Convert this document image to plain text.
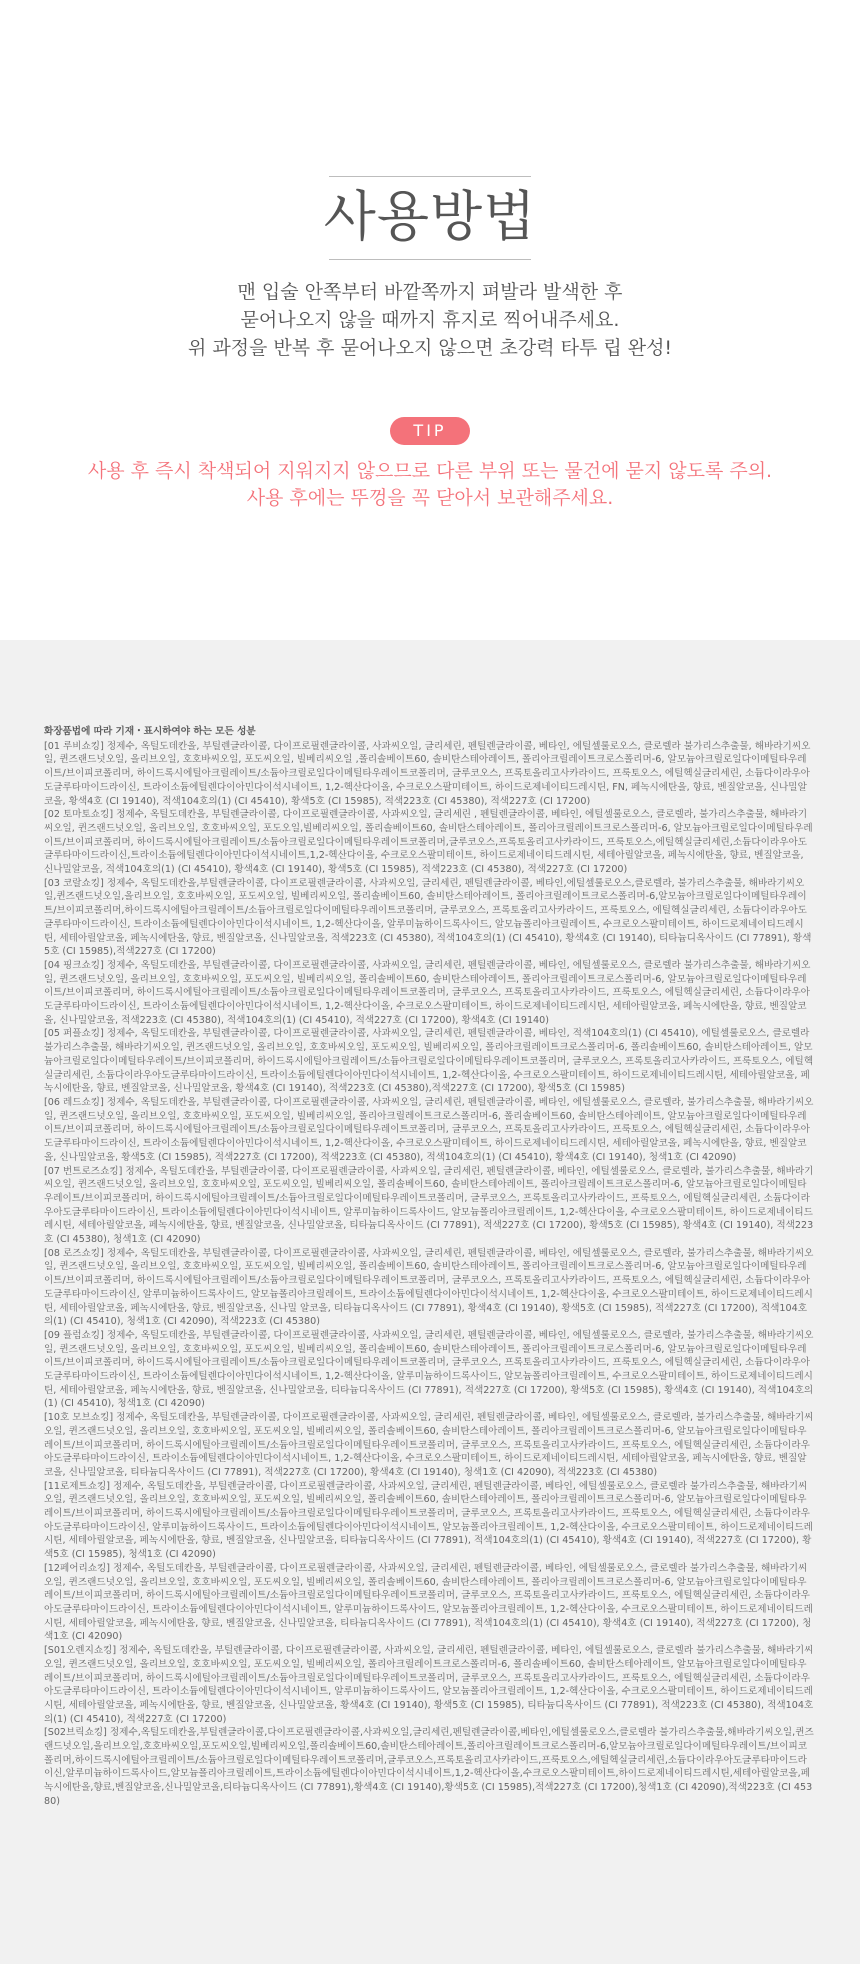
사용방법
맨 입술 안쪽부터 바깥쪽까지 펴발라 발색한 후
묻어나오지 않을 때까지 휴지로 찍어내주세요.
위 과정을 반복 후 묻어나오지 않으면 초강력 타투 립 완성!
TIP
사용 후 즉시 착색되어 지워지지 않으므로 다른 부위 또는 물건에 묻지 않도록 주의.
사용 후에는 뚜껑을 꼭 닫아서 보관해주세요.
화장품법에 따라 기재・표시하여야 하는 모든 성분

[01 루비쇼킹] 정제수, 옥틸도데칸올, 부틸렌글라이콜, 다이프로필렌글라이콜, 사과씨오일, 글리세린, 펜틸렌글라이콜, 베타인, 에틸셀룰로오스, 클로렐라 불가리스추출물, 해바라기씨오일, 퀸즈랜드넛오일, 올리브오일, 호호바씨오일, 포도씨오일, 빌베리씨오일 ,폴리솔베이트60, 솔비탄스테아레이트, 폴리아크릴레이트크로스폴리머-6, 알모늄아크릴로일다이메틸타우레이트/브이피코폴리머, 하이드록시에틸아크릴레이트/소듐아크릴로일다이메틸타우레이트코폴리머, 글루코오스, 프록토올리고사카라이드, 프룩토오스, 에틸헥실글리세린, 소듐다이라우아도글루타마이드라이신, 트라이소듐에틸렌다이아민다이석시네이트, 1,2-헥산다이올, 수크로오스팔미테이트, 하이드로제네이티드레시틴, FN, 페녹시에탄올, 향료, 벤질알코올, 신나밀알코올, 황색4호 (CI 19140), 적색104호의(1) (CI 45410), 황색5호 (CI 15985), 적색223호 (CI 45380), 적색227호 (CI 17200)

[02 토마토쇼킹] 정제수, 옥틸도데칸올, 부틸렌글라이콜, 다이프로필렌글라이콜, 사과씨오일, 글리세린 , 펜틸렌글라이콜, 베타인, 에틸셀룰로오스, 클로렐라, 불가리스추출물, 해바라기씨오일, 퀸즈랜드넛오일, 올리브오일, 호호바씨오일, 포도오일,빌베리씨오일, 폴리솔베이트60, 솔비탄스테아레이트, 폴리아크릴레이트크로스폴리머-6, 알모늄아크릴로일다이메틸타우레이트/브이피코폴리머, 하이드록시에틸아크릴레이트/소듐아크릴로일다이메틸타우레이트코폴리머,글루코오스,프록토올리고사카라이드, 프룩토오스,에틸헥실글리세린,소듐다이라우아도글루타마이드라이신,트라이소듐에틸렌다이아민다이석시네이트,1,2-헥산다이올, 수크로오스팔미테이트, 하이드로제네이티드레시틴, 세테아릴알코올, 페녹시에탄올, 향료, 벤질알코올, 신나밀알코올, 적색104호의(1) (CI 45410), 황색4호 (CI 19140), 황색5호 (CI 15985), 적색223호 (CI 45380), 적색227호 (CI 17200)

[03 코랄쇼킹] 정제수, 옥틸도데칸올,부틸렌글라이콜, 다이프로필렌글라이콜, 사과씨오일, 글리세린, 펜틸렌글라이콜, 베타인,에틸셀룰로오스,클로렐라, 불가리스추출물, 해바라기씨오일,퀸즈랜드넛오일,올리브오일, 호호바씨오일, 포도씨오일, 빌베리씨오일, 폴리솔베이트60, 솔비탄스테아레이트, 폴리아크릴레이트크로스폴리머-6,알모늄아크릴로일다이메틸타우레이트/브이피코폴리머,하이드록시에틸아크릴레이트/소듐아크릴로일다이메틸타우레이트코폴리머, 글루코오스, 프록토올리고사카라이드, 프룩토오스, 에틸헥실글리세린, 소듐다이라우아도글루타마이드라이신, 트라이소듐에틸렌다이아민다이석시네이트, 1,2-헥산다이올, 알루미늄하이드록사이드, 알모늄폴리아크릴레이트, 수크로오스팔미테이트, 하이드로제네이티드레시틴, 세테아릴알코올, 페녹시에탄올, 향료, 벤질알코올, 신나밀알코올, 적색223호 (CI 45380), 적색104호의(1) (CI 45410), 황색4호 (CI 19140), 티타늄디옥사이드 (CI 77891), 황색5호 (CI 15985),적색227호 (CI 17200)

[04 핑크쇼킹] 정제수, 옥틸도데칸올, 부틸렌글라이콜, 다이프로필렌글라이콜, 사과씨오일, 글리세린, 펜틸렌글라이콜, 베타인, 에틸셀룰로오스, 클로렐라 불가리스추출물, 해바라기씨오일, 퀸즈랜드넛오일, 올리브오일, 호호바씨오일, 포도씨오일, 빌베리씨오일, 폴리솔베이트60, 솔비탄스테아레이트, 폴리아크릴레이트크로스폴리머-6, 알모늄아크릴로일다이메틸타우레이트/브이피코폴리머, 하이드록시에틸아크릴레이트/소듐아크릴로일다이메틸타우레이트코폴리머, 글루코오스, 프록토올리고사카라이드, 프룩토오스, 에틸헥실글리세린, 소듐다이라우아도글루타마이드라이신, 트라이소듐에틸렌다이아민다이석시네이트, 1,2-헥산다이올, 수크로오스팔미테이트, 하이드로제네이티드레시틴, 세테아릴알코올, 페녹시에탄올, 향료, 벤질알코올, 신나밀알코올, 적색223호 (CI 45380), 적색104호의(1) (CI 45410), 적색227호 (CI 17200), 황색4호 (CI 19140)

[05 퍼플쇼킹] 정제수, 옥틸도데칸올, 부틸렌글라이콜, 다이프로필렌글라이콜, 사과씨오일, 글리세린, 펜틸렌글라이콜, 베타인, 적색104호의(1) (CI 45410), 에틸셀룰로오스, 클로렐라 불가리스추출물, 해바라기씨오일, 퀸즈랜드넛오일, 올리브오일, 호호바씨오일, 포도씨오일, 빌베리씨오일, 폴리아크릴레이트크로스폴리머-6, 폴리솔베이트60, 솔비탄스테아레이트, 알모늄아크릴로일다이메틸타우레이트/브이피코폴리머, 하이드록시에틸아크릴레이트/소듐아크릴로일다이메틸타우레이트코폴리머, 글루코오스, 프록토올리고사카라이드, 프룩토오스, 에틸헥실글리세린, 소듐다이라우아도글루타마이드라이신, 트라이소듐에틸렌다이아민다이석시네이트, 1,2-헥산다이올, 수크로오스팔미테이트, 하이드로제네이티드레시틴, 세테아릴알코올, 페녹시에탄올, 향료, 벤질알코올, 신나밀알코올, 황색4호 (CI 19140), 적색223호 (CI 45380),적색227호 (CI 17200), 황색5호 (CI 15985)

[06 레드쇼킹] 정제수, 옥틸도데칸올, 부틸렌글라이콜, 다이프로필렌글라이콜, 사과씨오일, 글리세린, 펜틸렌글라이콜, 베타인, 에틸셀룰로오스, 클로렐라, 불가리스추출물, 해바라기씨오일, 퀸즈랜드넛오일, 올리브오일, 호호바씨오일, 포도씨오일, 빌베리씨오일, 폴리아크릴레이트크로스폴리머-6, 폴리솔베이트60, 솔비탄스테아레이트, 알모늄아크릴로일다이메틸타우레이트/브이피코폴리머, 하이드록시에틸아크릴레이트/소듐아크릴로일다이메틸타우레이트코폴리머, 글루코오스, 프록토올리고사카라이드, 프룩토오스, 에틸헥실글리세린, 소듐다이라우아도글루타마이드라이신, 트라이소듐에틸렌다이아민다이석시네이트, 1,2-헥산다이올, 수크로오스팔미테이트, 하이드로제네이티드레시틴, 세테아릴알코올, 페녹시에탄올, 향료, 벤질알코올, 신나밀알코올, 황색5호 (CI 15985), 적색227호 (CI 17200), 적색223호 (CI 45380), 적색104호의(1) (CI 45410), 황색4호 (CI 19140), 청색1호 (CI 42090)

[07 번트로즈쇼킹] 정제수, 옥틸도데칸올, 부틸렌글라이콜, 다이프로필렌글라이콜, 사과씨오일, 글리세린, 펜틸렌글라이콜, 베타인, 에틸셀룰로오스, 클로렐라, 불가리스추출물, 해바라기씨오일, 퀸즈랜드넛오일, 올리브오일, 호호바씨오일, 포도씨오일, 빌베리씨오일, 폴리솔베이트60, 솔비탄스테아레이트, 폴리아크릴레이트크로스폴리머-6, 알모늄아크릴로일다이메틸타우레이트/브이피코폴리머, 하이드록시에틸아크릴레이트/소듐아크릴로일다이메틸타우레이트코폴리머, 글루코오스, 프록토올리고사카라이드, 프룩토오스, 에틸헥실글리세린, 소듐다이라우아도글루타마이드라이신, 트라이소듐에틸렌다이아민다이석시네이트, 알루미늄하이드록사이드, 알모늄폴리아크릴레이트, 1,2-헥산다이올, 수크로오스팔미테이트, 하이드로제네이티드레시틴, 세테아릴알코올, 페녹시에탄올, 향료, 벤질알코올, 신나밀알코올, 티타늄디옥사이드 (CI 77891), 적색227호 (CI 17200), 황색5호 (CI 15985), 황색4호 (CI 19140), 적색223호 (CI 45380), 청색1호 (CI 42090)

[08 로즈쇼킹] 정제수, 옥틸도데칸올, 부틸렌글라이콜, 다이프로필렌글라이콜, 사과씨오일, 글리세린, 펜틸렌글라이콜, 베타인, 에틸셀룰로오스, 클로렐라, 불가리스추출물, 해바라기씨오일, 퀸즈랜드넛오일, 올리브오일, 호호바씨오일, 포도씨오일, 빌베리씨오일, 폴리솔베이트60, 솔비탄스테아레이트, 폴리아크릴레이트크로스폴리머-6, 알모늄아크릴로일다이메틸타우레이트/브이피코폴리머, 하이드록시에틸아크릴레이트/소듐아크릴로일다이메틸타우레이트코폴리머, 글루코오스, 프록토올리고사카라이드, 프룩토오스, 에틸헥실글리세린, 소듐다이라우아도글루타마이드라이신, 알루미늄하이드록사이드, 알모늄폴리아크릴레이트, 트라이소듐에틸렌다이아민다이석시네이트, 1,2-헥산다이올, 수크로오스팔미테이트, 하이드로제네이티드레시틴, 세테아릴알코올, 페녹시에탄올, 향료, 벤질알코올, 신나밀 알코올, 티타늄디옥사이드 (CI 77891), 황색4호 (CI 19140), 황색5호 (CI 15985), 적색227호 (CI 17200), 적색104호의(1) (CI 45410), 청색1호 (CI 42090), 적색223호 (CI 45380)

[09 플럼쇼킹] 정제수, 옥틸도데칸올, 부틸렌글라이콜, 다이프로필렌글라이콜, 사과씨오일, 글리세린, 펜틸렌글라이콜, 베타인, 에틸셀룰로오스, 클로렐라, 불가리스추출물, 해바라기씨오일, 퀸즈랜드넛오일, 올리브오일, 호호바씨오일, 포도씨오일, 빌베리씨오일, 폴리솔베이트60, 솔비탄스테아레이트, 폴리아크릴레이트크로스폴리머-6, 알모늄아크릴로일다이메틸타우레이트/브이피코폴리머, 하이드록시에틸아크릴레이트/소듐아크릴로일다이메틸타우레이트코폴리머, 글루코오스, 프록토올리고사카라이드, 프룩토오스, 에틸헥실글리세린, 소듐다이라우아도글루타마이드라이신, 트라이소듐에틸렌다이아민다이석시네이트, 1,2-헥산다이올, 알루미늄하이드록사이드, 알모늄폴리아크릴레이트, 수크로오스팔미테이트, 하이드로제네이티드레시틴, 세테아릴알코올, 페녹시에탄올, 향료, 벤질알코올, 신나밀알코올, 티타늄디옥사이드 (CI 77891), 적색227호 (CI 17200), 황색5호 (CI 15985), 황색4호 (CI 19140), 적색104호의(1) (CI 45410), 청색1호 (CI 42090)

[10호 모브쇼킹] 정제수, 옥틸도데칸올, 부틸렌글라이콜, 다이프로필렌글라이콜, 사과씨오일, 글리세린, 펜틸렌글라이콜, 베타인, 에틸셀룰로오스, 클로렐라, 불가리스추출물, 해바라기씨오일, 퀸즈랜드넛오일, 올리브오일, 호호바씨오일, 포도씨오일, 빌베리씨오일, 폴리솔베이트60, 솔비탄스테아레이트, 폴리아크릴레이트크로스폴리머-6, 알모늄아크릴로일다이메틸타우레이트/브이피코폴리머, 하이드록시에틸아크릴레이트/소듐아크릴로일다이메틸타우레이트코폴리머, 글루코오스, 프록토올리고사카라이드, 프룩토오스, 에틸헥실글리세린, 소듐다이라우아도글루타마이드라이신, 트라이소듐에틸렌다이아민다이석시네이트, 1,2-헥산다이올, 수크로오스팔미테이트, 하이드로제네이티드레시틴, 세테아릴알코올, 페녹시에탄올, 향료, 벤질알코올, 신나밀알코올, 티타늄디옥사이드 (CI 77891), 적색227호 (CI 17200), 황색4호 (CI 19140), 청색1호 (CI 42090), 적색223호 (CI 45380)

[11로제트쇼킹] 정제수, 옥틸도데칸올, 부틸렌글라이콜, 다이프로필렌글라이콜, 사과씨오일, 글리세린, 펜틸렌글라이콜, 베타인, 에틸셀룰로오스, 클로렐라 불가리스추출물, 해바라기씨오일, 퀸즈랜드넛오일, 올리브오일, 호호바씨오일, 포도씨오일, 빌베리씨오일, 폴리솔베이트60, 솔비탄스테아레이트, 폴리아크릴레이트크로스폴리머-6, 알모늄아크릴로일다이메틸타우레이트/브이피코폴리머, 하이드록시에틸아크릴레이트/소듐아크릴로일다이메틸타우레이트코폴리머, 글루코오스, 프록토올리고사카라이드, 프룩토오스, 에틸헥실글리세린, 소듐다이라우아도글루타마이드라이신, 알루미늄하이드록사이드, 트라이소듐에틸렌다이아민다이석시네이트, 알모늄폴리아크릴레이트, 1,2-헥산다이올, 수크로오스팔미테이트, 하이드로제네이티드레시틴, 세테아릴알코올, 페녹시에탄올, 향료, 벤질알코올, 신나밀알코올, 티타늄디옥사이드 (CI 77891), 적색104호의(1) (CI 45410), 황색4호 (CI 19140), 적색227호 (CI 17200), 황색5호 (CI 15985), 청색1호 (CI 42090)

[12페어리쇼킹] 정제수, 옥틸도데칸올, 부틸렌글라이콜, 다이프로필렌글라이콜, 사과씨오일, 글리세린, 펜틸렌글라이콜, 베타인, 에틸셀룰로오스, 클로렐라 불가리스추출물, 해바라기씨오일, 퀸즈랜드넛오일, 올리브오일, 호호바씨오일, 포도씨오일, 빌베리씨오일, 폴리솔베이트60, 솔비탄스테아레이트, 폴리아크릴레이트크로스폴리머-6, 알모늄아크릴로일다이메틸타우레이트/브이피코폴리머, 하이드록시에틸아크릴레이트/소듐아크릴로일다이메틸타우레이트코폴리머, 글루코오스, 프록토올리고사카라이드, 프룩토오스, 에틸헥실글리세린, 소듐다이라우아도글루타마이드라이신, 트라이소듐에틸렌다이아민다이석시네이트, 알루미늄하이드록사이드, 알모늄폴리아크릴레이트, 1,2-헥산다이올, 수크로오스팔미테이트, 하이드로제네이티드레시틴, 세테아릴알코올, 페녹시에탄올, 향료, 벤질알코올, 신나밀알코올, 티타늄디옥사이드 (CI 77891), 적색104호의(1) (CI 45410), 황색4호 (CI 19140), 적색227호 (CI 17200), 청색1호 (CI 42090)

[S01오렌지쇼킹] 정제수, 옥틸도데칸올, 부틸렌글라이콜, 다이프로필렌글라이콜, 사과씨오일, 글리세린, 펜틸렌글라이콜, 베타인, 에틸셀룰로오스, 클로렐라 불가리스추출물, 해바라기씨오일, 퀸즈랜드넛오일, 올리브오일, 호호바씨오일, 포도씨오일, 빌베리씨오일, 폴리아크릴레이트크로스폴리머-6, 폴리솔베이트60, 솔비탄스테아레이트, 알모늄아크릴로일다이메틸타우레이트/브이피코폴리머, 하이드록시에틸아크릴레이트/소듐아크릴로일다이메틸타우레이트코폴리머, 글루코오스, 프록토올리고사카라이드, 프룩토오스, 에틸헥실글리세린, 소듐다이라우아도글루타마이드라이신, 트라이소듐에틸렌다이아민다이석시네이트, 알루미늄하이드록사이드, 알모늄폴리아크릴레이트, 1,2-헥산다이올, 수크로오스팔미테이트, 하이드로제네이티드레시틴, 세테아릴알코올, 페녹시에탄올, 향료, 벤질알코올, 신나밀알코올, 황색4호 (CI 19140), 황색5호 (CI 15985), 티타늄디옥사이드 (CI 77891), 적색223호 (CI 45380), 적색104호의(1) (CI 45410), 적색227호 (CI 17200)

[S02브릭쇼킹] 정제수,옥틸도데칸올,부틸렌글라이콜,다이프로필렌글라이콜,사과씨오일,글리세린,펜틸렌글라이콜,베타인,에틸셀룰로오스,클로렐라 불가리스추출물,해바라기씨오일,퀸즈랜드넛오일,올리브오일,호호바씨오일,포도씨오일,빌베리씨오일,폴리솔베이트60,솔비탄스테아레이트,폴리아크릴레이트크로스폴리머-6,알모늄아크릴로일다이메틸타우레이트/브이피코폴리머,하이드록시에틸아크릴레이트/소듐아크릴로일다이메틸타우레이트코폴리머,글루코오스,프록토올리고사카라이드,프룩토오스,에틸헥실글리세린,소듐다이라우아도글루타마이드라이신,알루미늄하이드록사이드,알모늄폴리아크릴레이트,트라이소듐에틸렌다이아민다이석시네이트,1,2-헥산다이올,수크로오스팔미테이트,하이드로제네이티드레시틴,세테아릴알코올,페녹시에탄올,향료,벤질알코올,신나밀알코올,티타늄디옥사이드 (CI 77891),황색4호 (CI 19140),황색5호 (CI 15985),적색227호 (CI 17200),청색1호 (CI 42090),적색223호 (CI 45380)
